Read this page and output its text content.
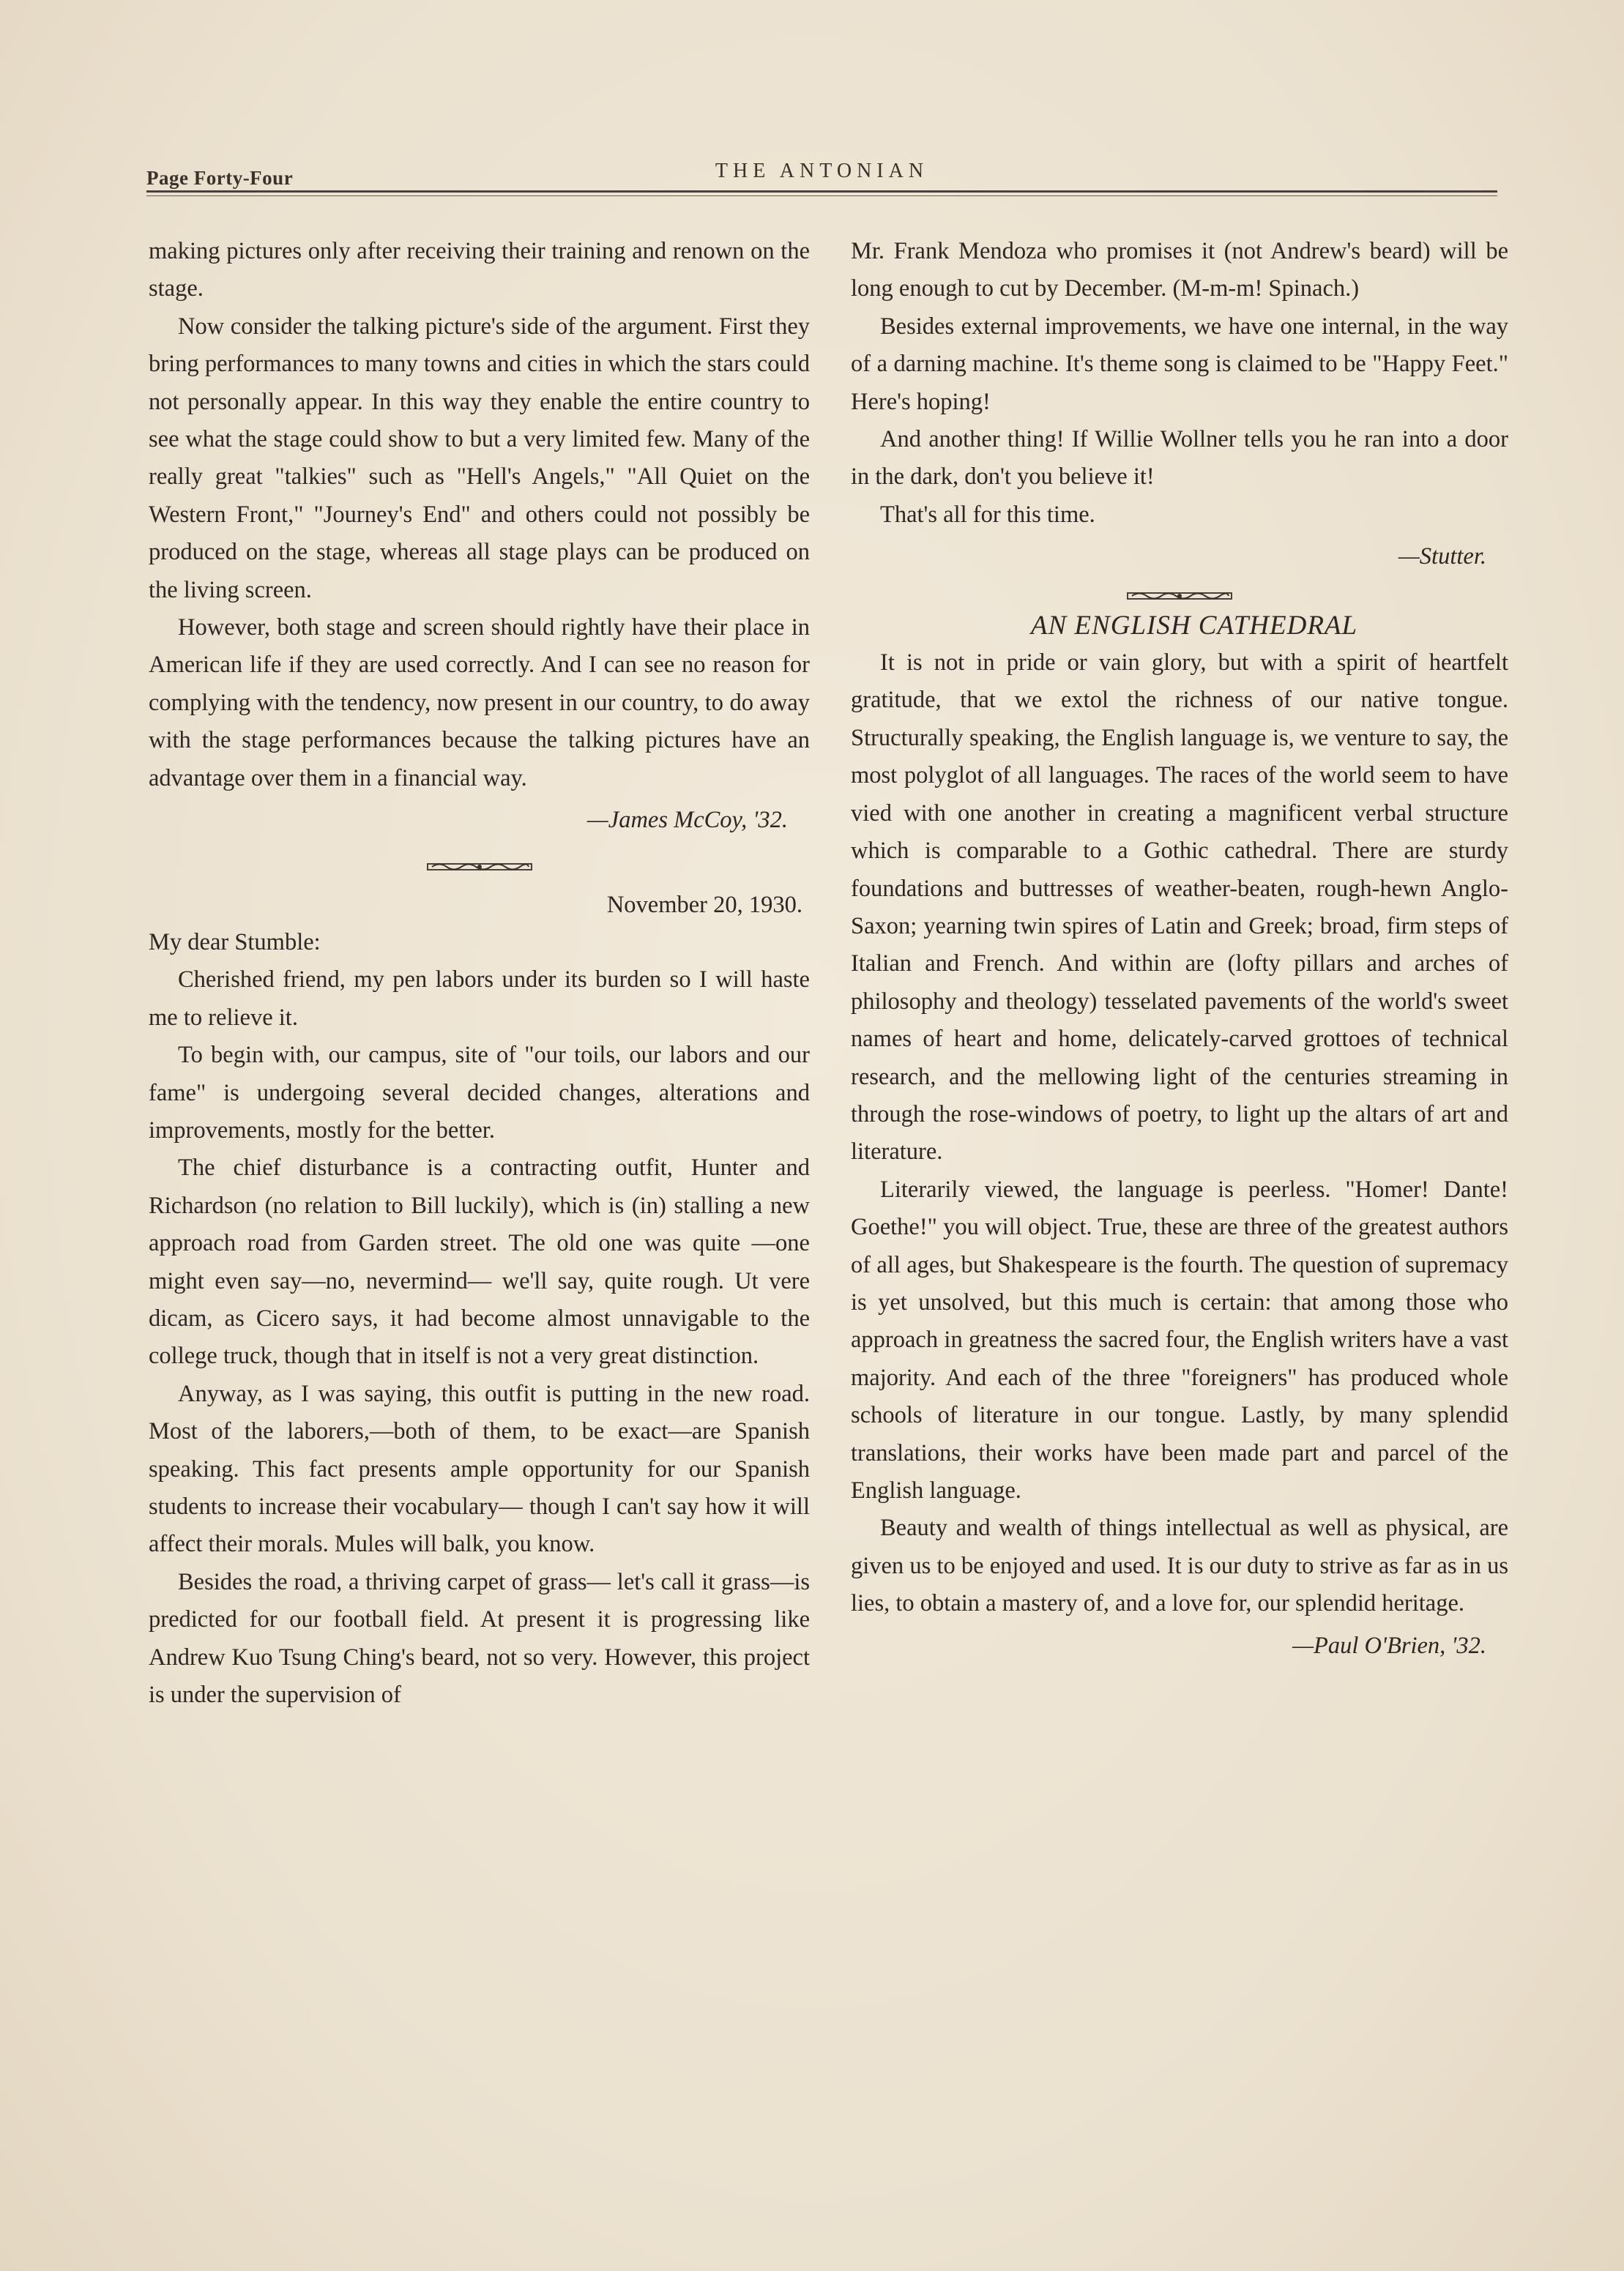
Page Forty-Four	THE ANTONIAN

making pictures only after receiving their training and renown on the stage.

Now consider the talking picture's side of the argument. First they bring performances to many towns and cities in which the stars could not personally appear. In this way they enable the entire country to see what the stage could show to but a very limited few. Many of the really great "talkies" such as "Hell's Angels," "All Quiet on the Western Front," "Journey's End" and others could not possibly be produced on the stage, whereas all stage plays can be produced on the living screen.

However, both stage and screen should rightly have their place in American life if they are used correctly. And I can see no reason for complying with the tendency, now present in our country, to do away with the stage performances because the talking pictures have an advantage over them in a financial way.

—James McCoy, '32.

November 20, 1930.

My dear Stumble:

Cherished friend, my pen labors under its burden so I will haste me to relieve it.

To begin with, our campus, site of "our toils, our labors and our fame" is undergoing several decided changes, alterations and improvements, mostly for the better.

The chief disturbance is a contracting outfit, Hunter and Richardson (no relation to Bill luckily), which is (in) stalling a new approach road from Garden street. The old one was quite —one might even say—no, nevermind— we'll say, quite rough. Ut vere dicam, as Cicero says, it had become almost unnavigable to the college truck, though that in itself is not a very great distinction.

Anyway, as I was saying, this outfit is putting in the new road. Most of the laborers,—both of them, to be exact—are Spanish speaking. This fact presents ample opportunity for our Spanish students to increase their vocabulary— though I can't say how it will affect their morals. Mules will balk, you know.

Besides the road, a thriving carpet of grass— let's call it grass—is predicted for our football field. At present it is progressing like Andrew Kuo Tsung Ching's beard, not so very. However, this project is under the supervision of

Mr. Frank Mendoza who promises it (not Andrew's beard) will be long enough to cut by December. (M-m-m! Spinach.)

Besides external improvements, we have one internal, in the way of a darning machine. It's theme song is claimed to be "Happy Feet." Here's hoping!

And another thing! If Willie Wollner tells you he ran into a door in the dark, don't you believe it!

That's all for this time.

—Stutter.

AN ENGLISH CATHEDRAL

It is not in pride or vain glory, but with a spirit of heartfelt gratitude, that we extol the richness of our native tongue. Structurally speaking, the English language is, we venture to say, the most polyglot of all languages. The races of the world seem to have vied with one another in creating a magnificent verbal structure which is comparable to a Gothic cathedral. There are sturdy foundations and buttresses of weather-beaten, rough-hewn Anglo-Saxon; yearning twin spires of Latin and Greek; broad, firm steps of Italian and French. And within are (lofty pillars and arches of philosophy and theology) tesselated pavements of the world's sweet names of heart and home, delicately-carved grottoes of technical research, and the mellowing light of the centuries streaming in through the rose-windows of poetry, to light up the altars of art and literature.

Literarily viewed, the language is peerless. "Homer! Dante! Goethe!" you will object. True, these are three of the greatest authors of all ages, but Shakespeare is the fourth. The question of supremacy is yet unsolved, but this much is certain: that among those who approach in greatness the sacred four, the English writers have a vast majority. And each of the three "foreigners" has produced whole schools of literature in our tongue. Lastly, by many splendid translations, their works have been made part and parcel of the English language.

Beauty and wealth of things intellectual as well as physical, are given us to be enjoyed and used. It is our duty to strive as far as in us lies, to obtain a mastery of, and a love for, our splendid heritage.

—Paul O'Brien, '32.
